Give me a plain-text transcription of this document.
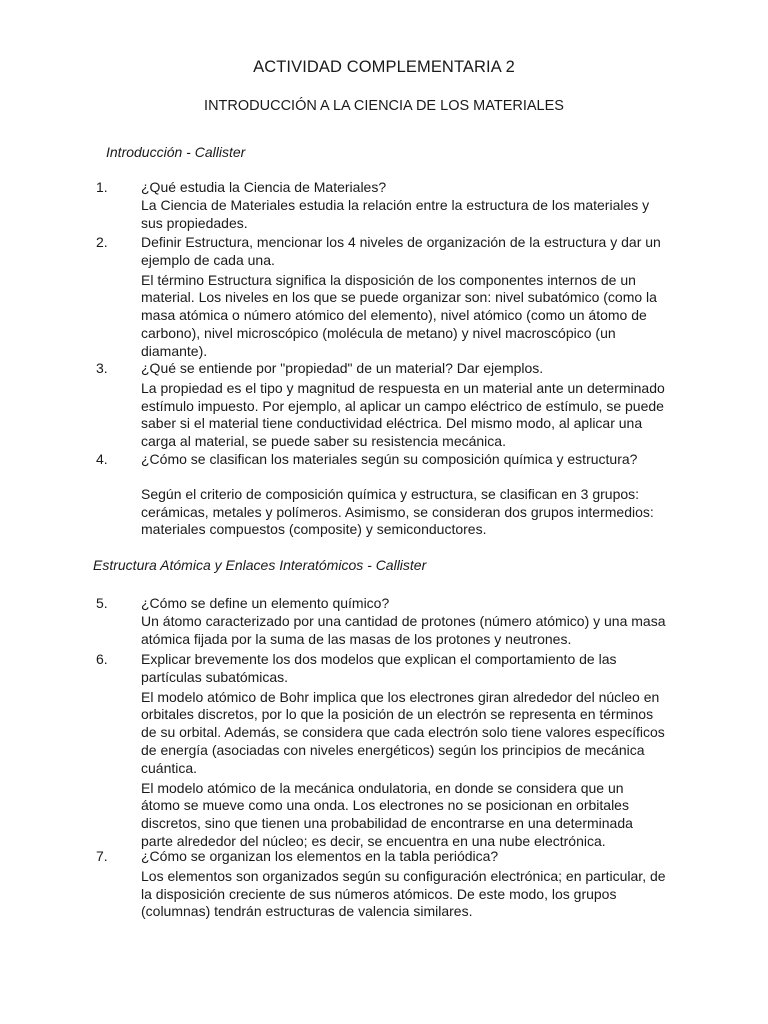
ACTIVIDAD COMPLEMENTARIA 2
INTRODUCCIÓN A LA CIENCIA DE LOS MATERIALES
Introducción - Callister
1. ¿Qué estudia la Ciencia de Materiales?

La Ciencia de Materiales estudia la relación entre la estructura de los materiales y sus propiedades.

2. Definir Estructura, mencionar los 4 niveles de organización de la estructura y dar un ejemplo de cada una.

El término Estructura significa la disposición de los componentes internos de un material. Los niveles en los que se puede organizar son: nivel subatómico (como la masa atómica o número atómico del elemento), nivel atómico (como un átomo de carbono), nivel microscópico (molécula de metano) y nivel macroscópico (un diamante).

3. ¿Qué se entiende por "propiedad" de un material? Dar ejemplos.

La propiedad es el tipo y magnitud de respuesta en un material ante un determinado estímulo impuesto. Por ejemplo, al aplicar un campo eléctrico de estímulo, se puede saber si el material tiene conductividad eléctrica. Del mismo modo, al aplicar una carga al material, se puede saber su resistencia mecánica.

4. ¿Cómo se clasifican los materiales según su composición química y estructura?

Según el criterio de composición química y estructura, se clasifican en 3 grupos: cerámicas, metales y polímeros. Asimismo, se consideran dos grupos intermedios: materiales compuestos (composite) y semiconductores.

Estructura Atómica y Enlaces Interatómicos - Callister
5. ¿Cómo se define un elemento químico?

Un átomo caracterizado por una cantidad de protones (número atómico) y una masa atómica fijada por la suma de las masas de los protones y neutrones.

6. Explicar brevemente los dos modelos que explican el comportamiento de las partículas subatómicas.

El modelo atómico de Bohr implica que los electrones giran alrededor del núcleo en orbitales discretos, por lo que la posición de un electrón se representa en términos de su orbital. Además, se considera que cada electrón solo tiene valores específicos de energía (asociadas con niveles energéticos) según los principios de mecánica cuántica.

El modelo atómico de la mecánica ondulatoria, en donde se considera que un átomo se mueve como una onda. Los electrones no se posicionan en orbitales discretos, sino que tienen una probabilidad de encontrarse en una determinada parte alrededor del núcleo; es decir, se encuentra en una nube electrónica.

7. ¿Cómo se organizan los elementos en la tabla periódica?

Los elementos son organizados según su configuración electrónica; en particular, de la disposición creciente de sus números atómicos. De este modo, los grupos (columnas) tendrán estructuras de valencia similares.
